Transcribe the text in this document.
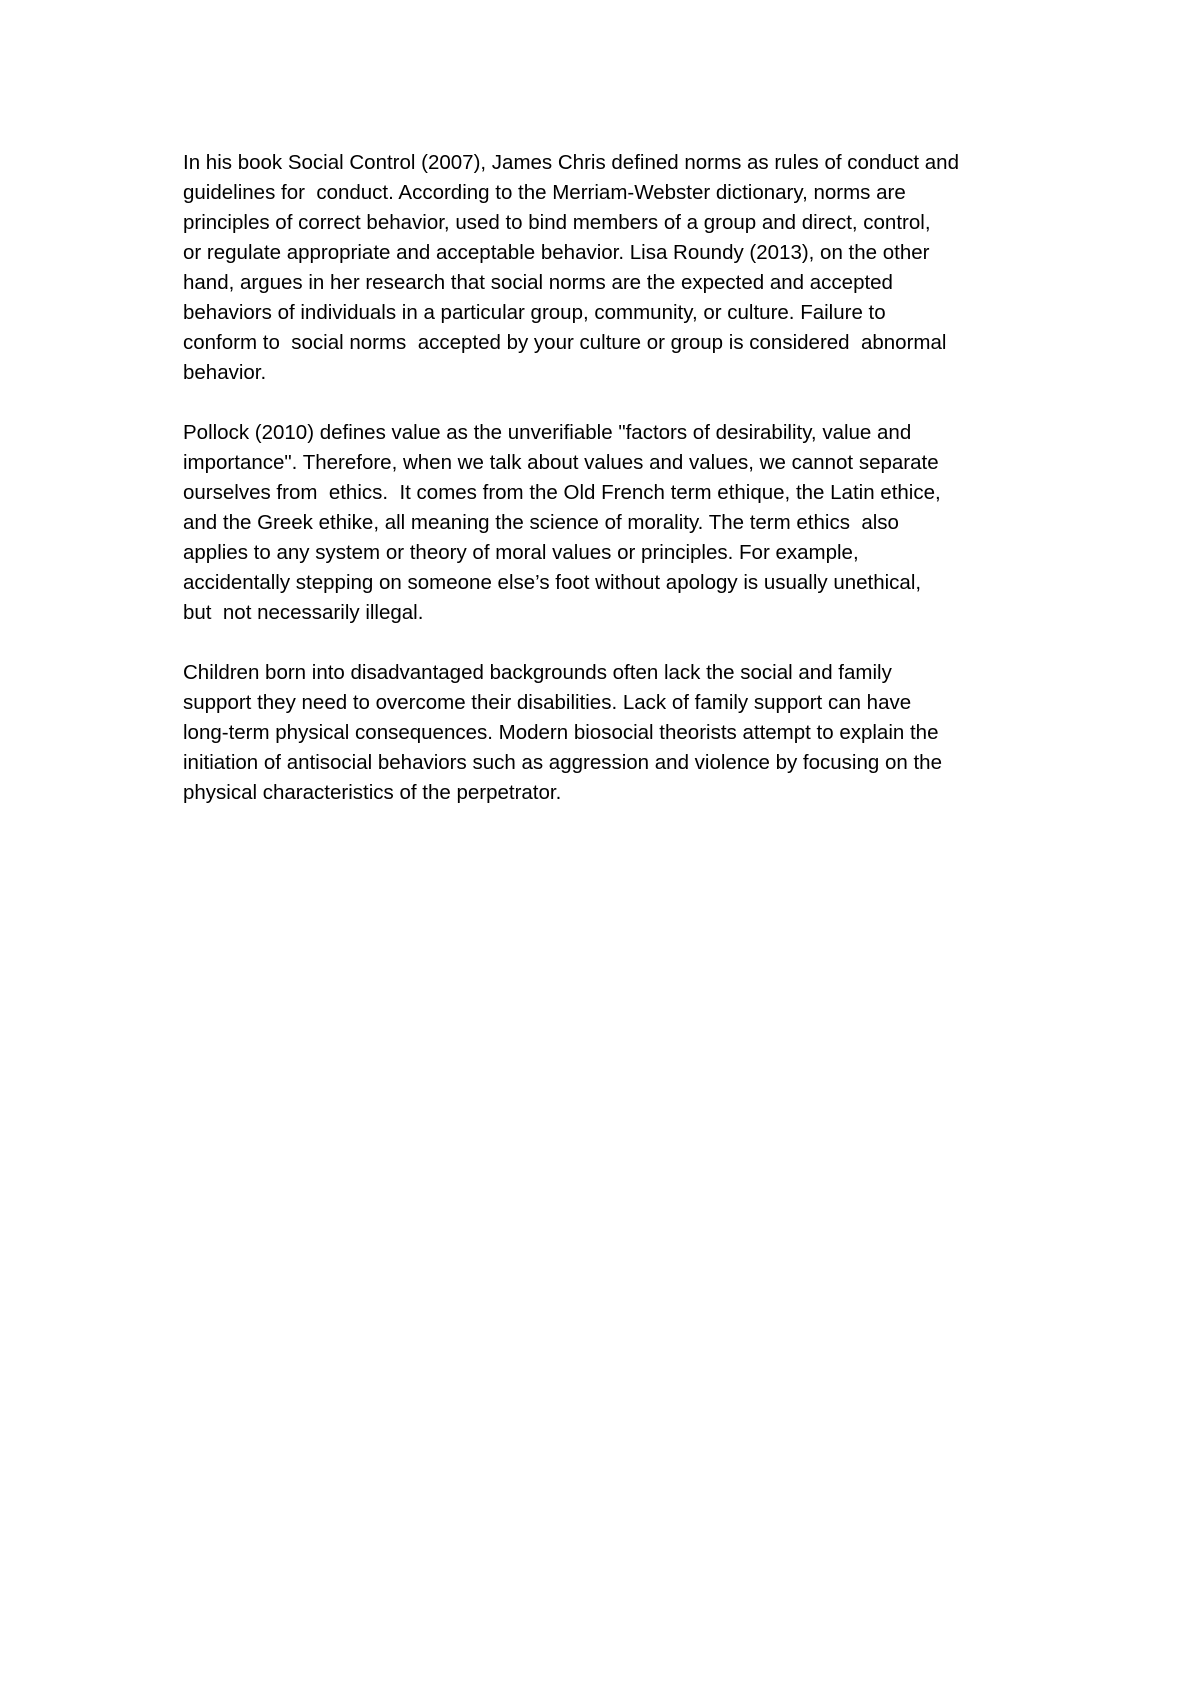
In his book Social Control (2007), James Chris defined norms as rules of conduct and
guidelines for  conduct. According to the Merriam-Webster dictionary, norms are
principles of correct behavior, used to bind members of a group and direct, control,
or regulate appropriate and acceptable behavior. Lisa Roundy (2013), on the other
hand, argues in her research that social norms are the expected and accepted
behaviors of individuals in a particular group, community, or culture. Failure to
conform to  social norms  accepted by your culture or group is considered  abnormal
behavior.

Pollock (2010) defines value as the unverifiable "factors of desirability, value and
importance". Therefore, when we talk about values and values, we cannot separate
ourselves from  ethics.  It comes from the Old French term ethique, the Latin ethice,
and the Greek ethike, all meaning the science of morality. The term ethics  also
applies to any system or theory of moral values or principles. For example,
accidentally stepping on someone else’s foot without apology is usually unethical,
but  not necessarily illegal.

Children born into disadvantaged backgrounds often lack the social and family
support they need to overcome their disabilities. Lack of family support can have
long-term physical consequences. Modern biosocial theorists attempt to explain the
initiation of antisocial behaviors such as aggression and violence by focusing on the
physical characteristics of the perpetrator.
